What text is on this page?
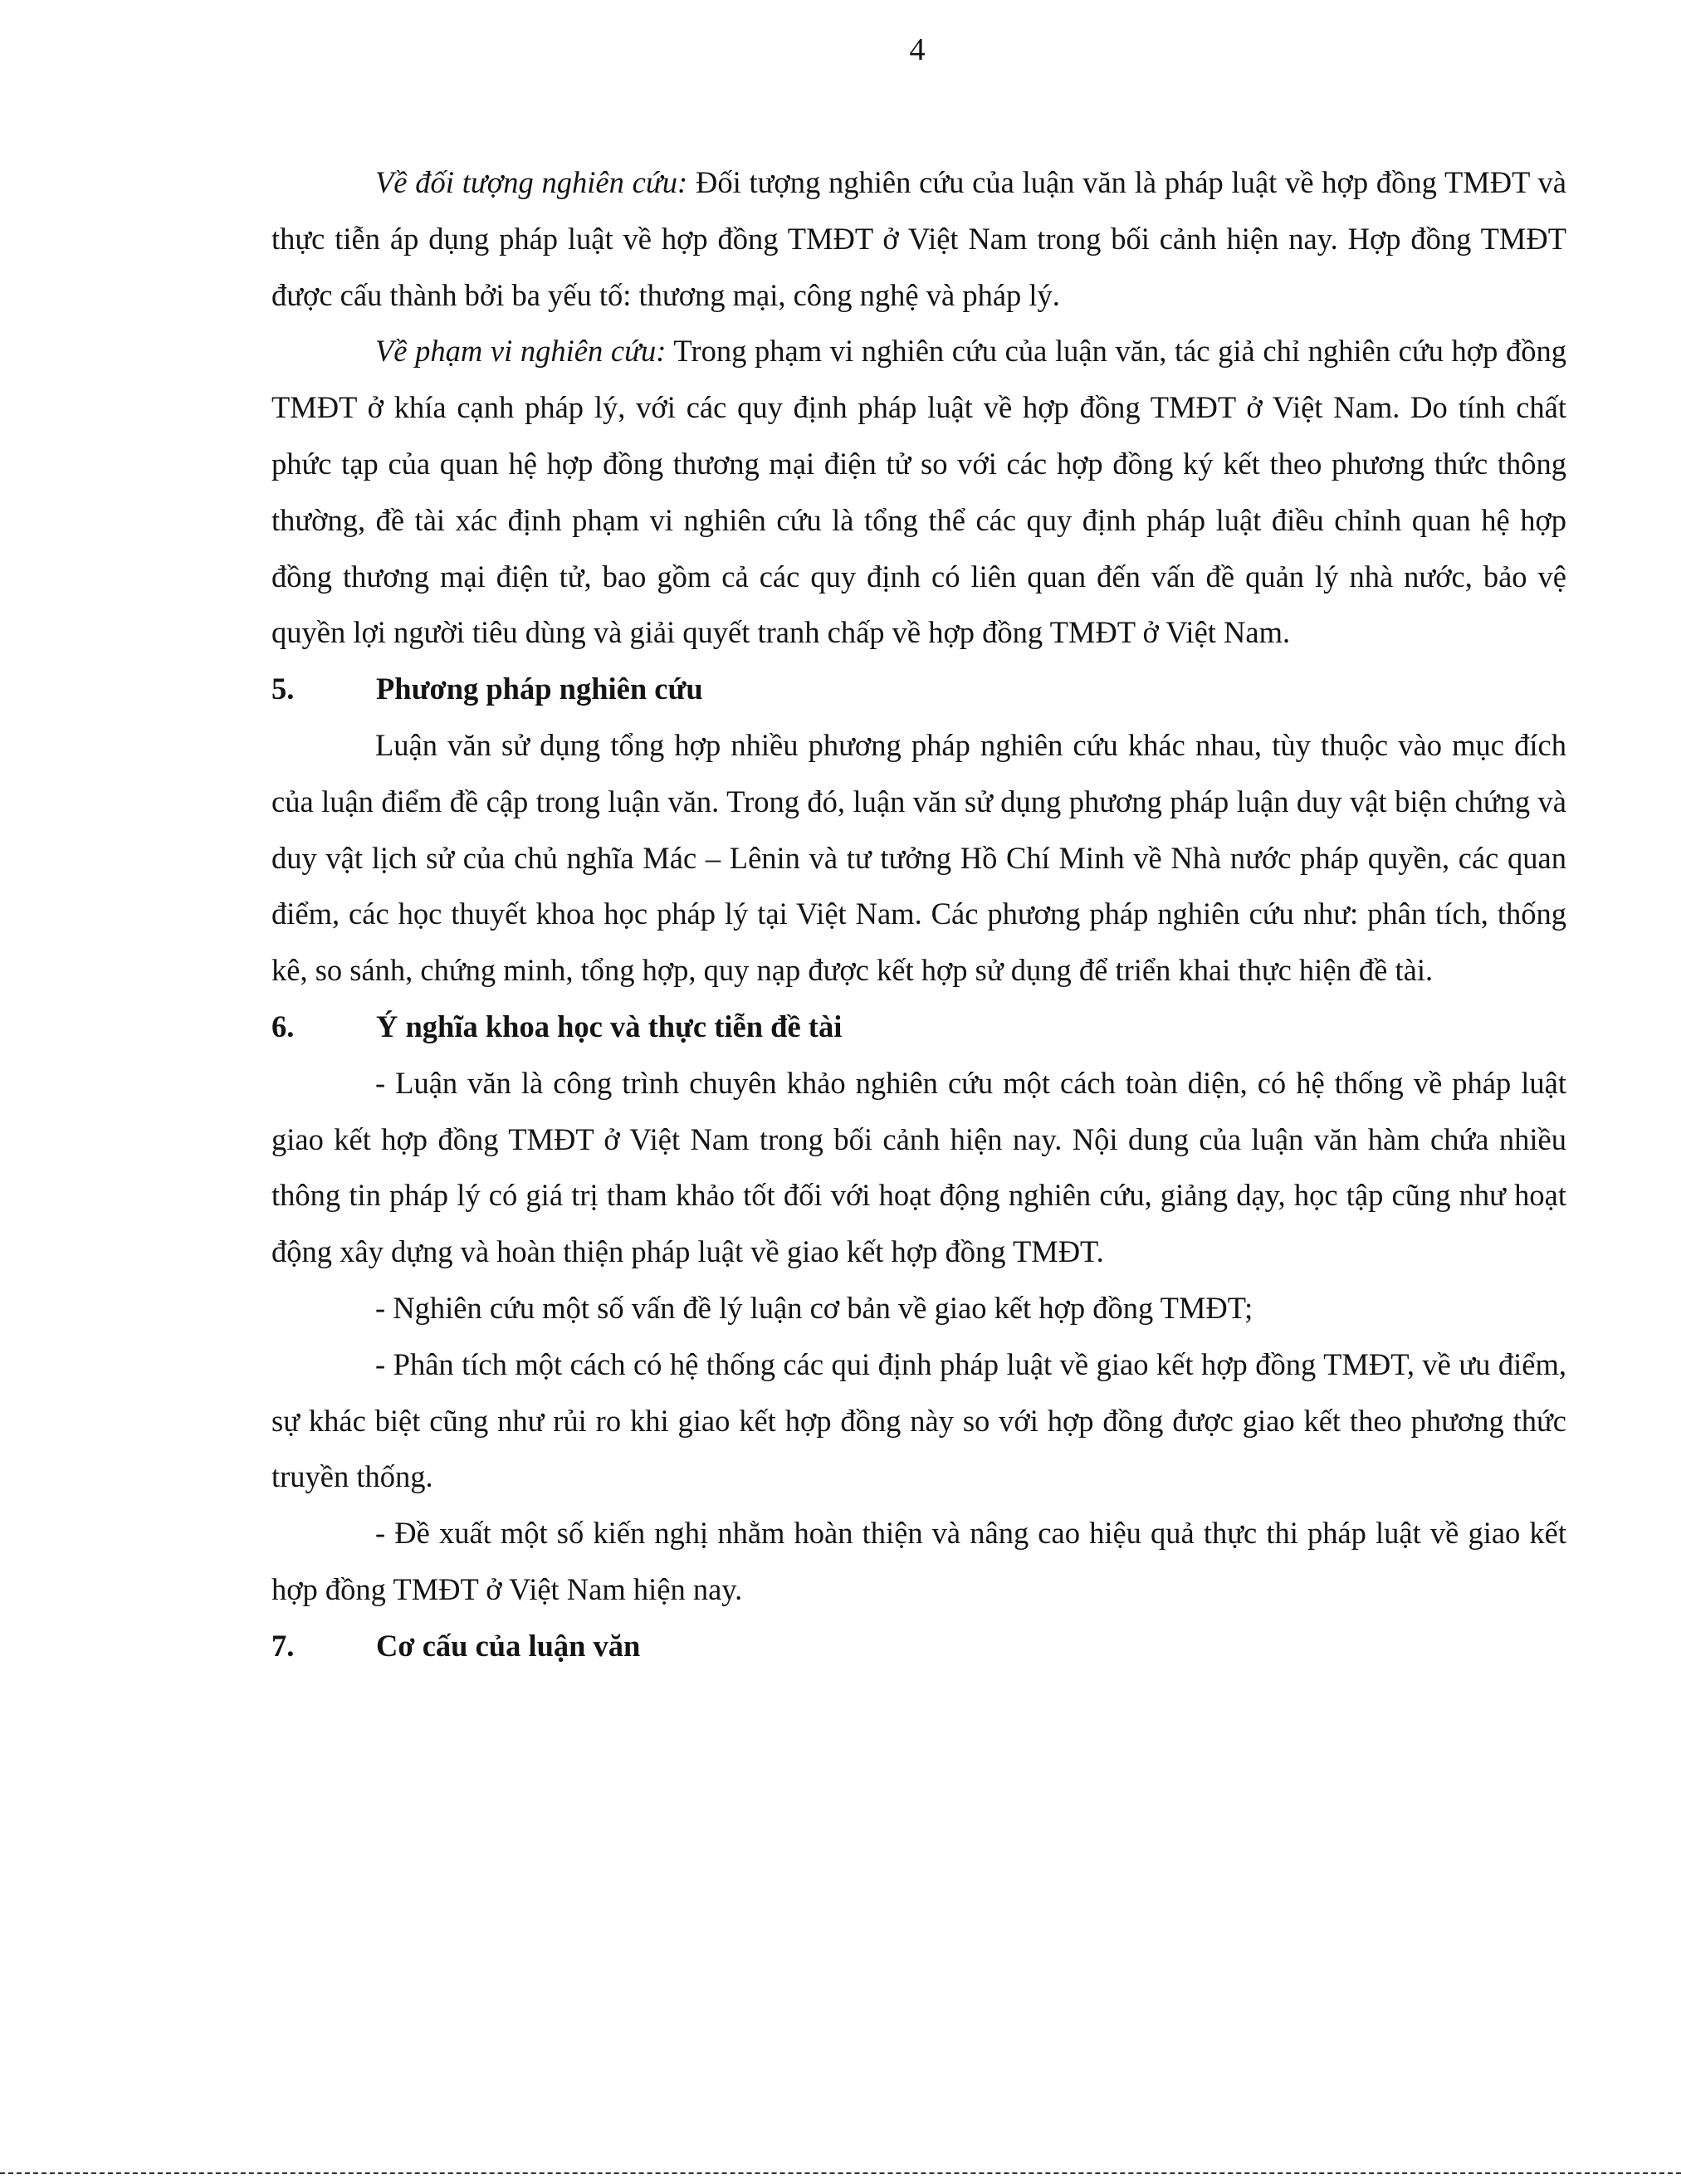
4

Về đối tượng nghiên cứu: Đối tượng nghiên cứu của luận văn là pháp luật về hợp đồng TMĐT và thực tiễn áp dụng pháp luật về hợp đồng TMĐT ở Việt Nam trong bối cảnh hiện nay. Hợp đồng TMĐT được cấu thành bởi ba yếu tố: thương mại, công nghệ và pháp lý.

Về phạm vi nghiên cứu: Trong phạm vi nghiên cứu của luận văn, tác giả chỉ nghiên cứu hợp đồng TMĐT ở khía cạnh pháp lý, với các quy định pháp luật về hợp đồng TMĐT ở Việt Nam. Do tính chất phức tạp của quan hệ hợp đồng thương mại điện tử so với các hợp đồng ký kết theo phương thức thông thường, đề tài xác định phạm vi nghiên cứu là tổng thể các quy định pháp luật điều chỉnh quan hệ hợp đồng thương mại điện tử, bao gồm cả các quy định có liên quan đến vấn đề quản lý nhà nước, bảo vệ quyền lợi người tiêu dùng và giải quyết tranh chấp về hợp đồng TMĐT ở Việt Nam.

5.	Phương pháp nghiên cứu

Luận văn sử dụng tổng hợp nhiều phương pháp nghiên cứu khác nhau, tùy thuộc vào mục đích của luận điểm đề cập trong luận văn. Trong đó, luận văn sử dụng phương pháp luận duy vật biện chứng và duy vật lịch sử của chủ nghĩa Mác – Lênin và tư tưởng Hồ Chí Minh về Nhà nước pháp quyền, các quan điểm, các học thuyết khoa học pháp lý tại Việt Nam. Các phương pháp nghiên cứu như: phân tích, thống kê, so sánh, chứng minh, tổng hợp, quy nạp được kết hợp sử dụng để triển khai thực hiện đề tài.

6.	Ý nghĩa khoa học và thực tiễn đề tài

- Luận văn là công trình chuyên khảo nghiên cứu một cách toàn diện, có hệ thống về pháp luật giao kết hợp đồng TMĐT ở Việt Nam trong bối cảnh hiện nay. Nội dung của luận văn hàm chứa nhiều thông tin pháp lý có giá trị tham khảo tốt đối với hoạt động nghiên cứu, giảng dạy, học tập cũng như hoạt động xây dựng và hoàn thiện pháp luật về giao kết hợp đồng TMĐT.

- Nghiên cứu một số vấn đề lý luận cơ bản về giao kết hợp đồng TMĐT;

- Phân tích một cách có hệ thống các qui định pháp luật về giao kết hợp đồng TMĐT, về ưu điểm, sự khác biệt cũng như rủi ro khi giao kết hợp đồng này so với hợp đồng được giao kết theo phương thức truyền thống.

- Đề xuất một số kiến nghị nhằm hoàn thiện và nâng cao hiệu quả thực thi pháp luật về giao kết hợp đồng TMĐT ở Việt Nam hiện nay.

7.	Cơ cấu của luận văn
